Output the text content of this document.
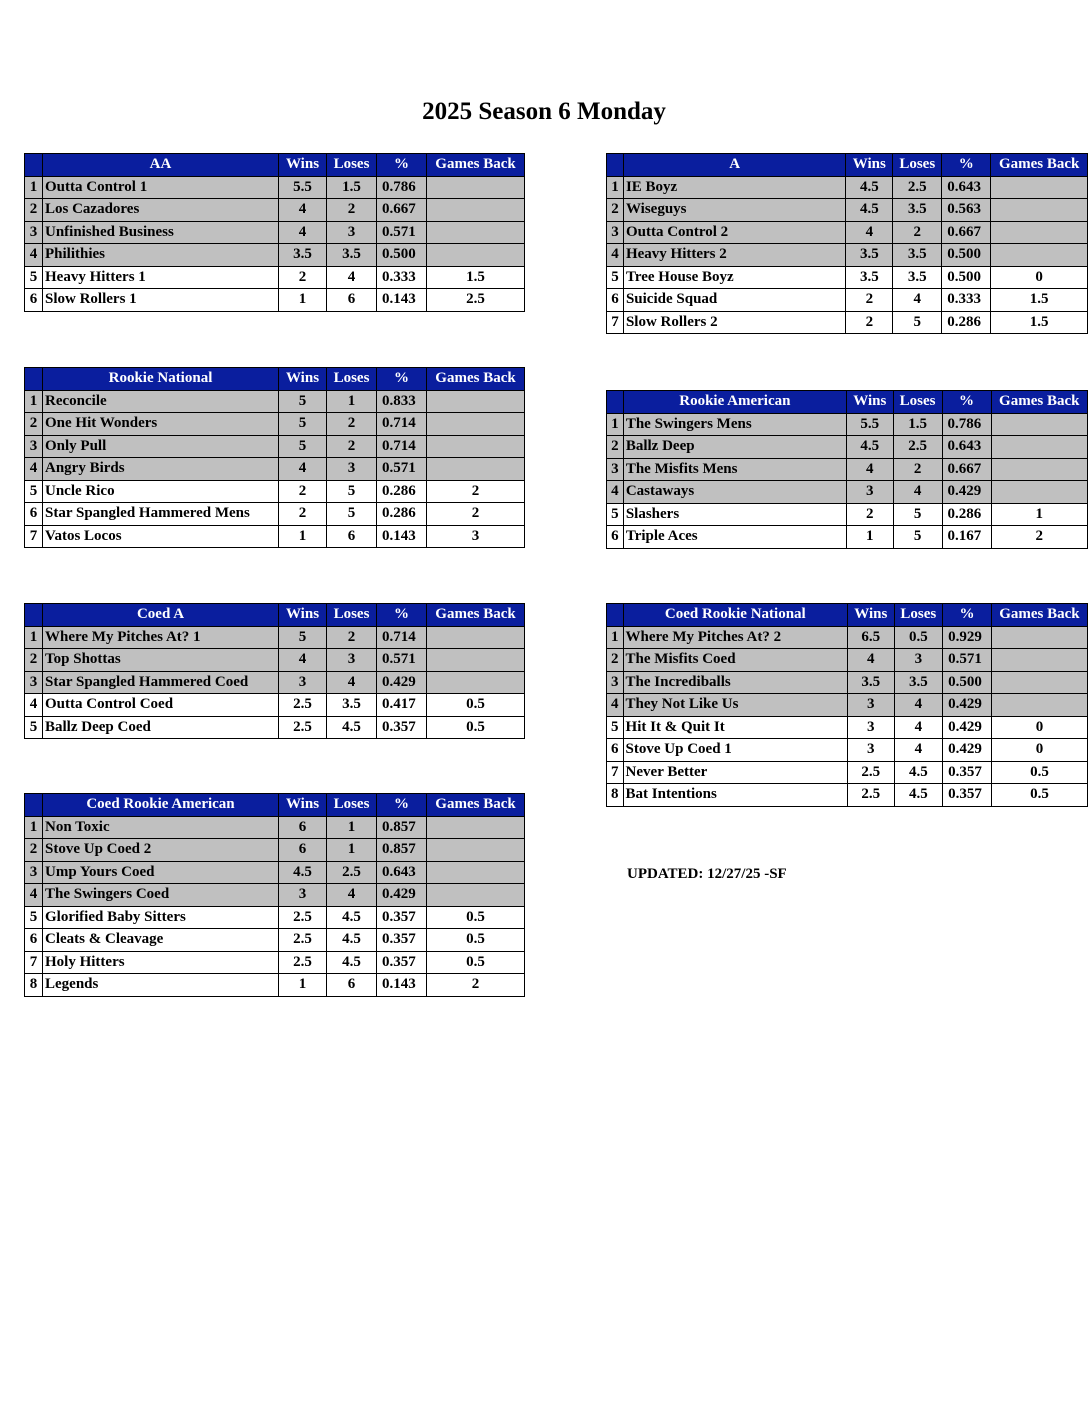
2025 Season 6 Monday
	AA	Wins	Loses	%	Games Back
1	Outta Control 1	5.5	1.5	0.786	
2	Los Cazadores	4	2	0.667	
3	Unfinished Business	4	3	0.571	
4	Philithies	3.5	3.5	0.500	
5	Heavy Hitters 1	2	4	0.333	1.5
6	Slow Rollers 1	1	6	0.143	2.5
	A	Wins	Loses	%	Games Back
1	IE Boyz	4.5	2.5	0.643	
2	Wiseguys	4.5	3.5	0.563	
3	Outta Control 2	4	2	0.667	
4	Heavy Hitters 2	3.5	3.5	0.500	
5	Tree House Boyz	3.5	3.5	0.500	0
6	Suicide Squad	2	4	0.333	1.5
7	Slow Rollers 2	2	5	0.286	1.5
	Rookie National	Wins	Loses	%	Games Back
1	Reconcile	5	1	0.833	
2	One Hit Wonders	5	2	0.714	
3	Only Pull	5	2	0.714	
4	Angry Birds	4	3	0.571	
5	Uncle Rico	2	5	0.286	2
6	Star Spangled Hammered Mens	2	5	0.286	2
7	Vatos Locos	1	6	0.143	3
	Rookie American	Wins	Loses	%	Games Back
1	The Swingers Mens	5.5	1.5	0.786	
2	Ballz Deep	4.5	2.5	0.643	
3	The Misfits Mens	4	2	0.667	
4	Castaways	3	4	0.429	
5	Slashers	2	5	0.286	1
6	Triple Aces	1	5	0.167	2
	Coed A	Wins	Loses	%	Games Back
1	Where My Pitches At? 1	5	2	0.714	
2	Top Shottas	4	3	0.571	
3	Star Spangled Hammered Coed	3	4	0.429	
4	Outta Control Coed	2.5	3.5	0.417	0.5
5	Ballz Deep Coed	2.5	4.5	0.357	0.5
	Coed Rookie National	Wins	Loses	%	Games Back
1	Where My Pitches At? 2	6.5	0.5	0.929	
2	The Misfits Coed	4	3	0.571	
3	The Incrediballs	3.5	3.5	0.500	
4	They Not Like Us	3	4	0.429	
5	Hit It & Quit It	3	4	0.429	0
6	Stove Up Coed 1	3	4	0.429	0
7	Never Better	2.5	4.5	0.357	0.5
8	Bat Intentions	2.5	4.5	0.357	0.5
	Coed Rookie American	Wins	Loses	%	Games Back
1	Non Toxic	6	1	0.857	
2	Stove Up Coed 2	6	1	0.857	
3	Ump Yours Coed	4.5	2.5	0.643	
4	The Swingers Coed	3	4	0.429	
5	Glorified Baby Sitters	2.5	4.5	0.357	0.5
6	Cleats & Cleavage	2.5	4.5	0.357	0.5
7	Holy Hitters	2.5	4.5	0.357	0.5
8	Legends	1	6	0.143	2
UPDATED: 12/27/25 -SF
